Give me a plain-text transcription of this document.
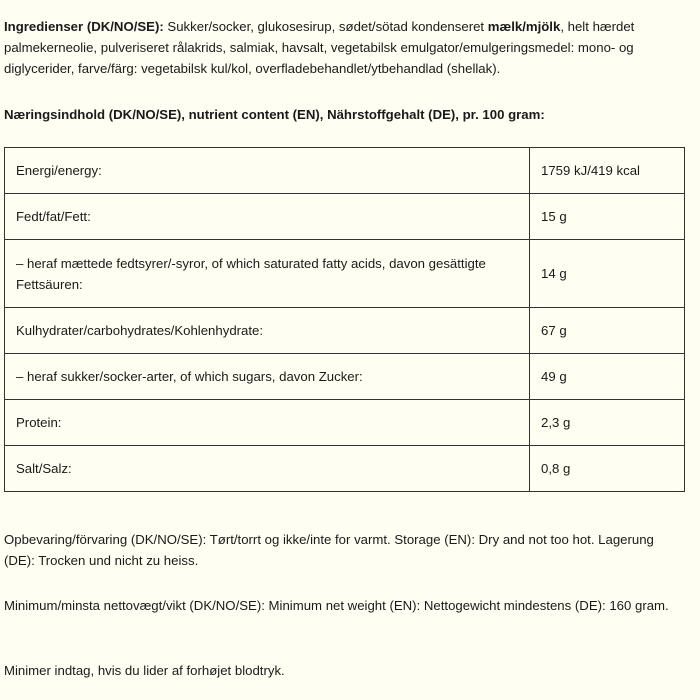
Ingredienser (DK/NO/SE): Sukker/socker, glukosesirup, sødet/sötad kondenseret mælk/mjölk, helt hærdet palmekerneolie, pulveriseret rålakrids, salmiak, havsalt, vegetabilsk emulgator/emulgeringsmedel: mono- og diglycerider, farve/färg: vegetabilsk kul/kol, overfladebehandlet/ytbehandlad (shellak).

Næringsindhold (DK/NO/SE), nutrient content (EN), Nährstoffgehalt (DE), pr. 100 gram:

Energi/energy:	1759 kJ/419 kcal
Fedt/fat/Fett:	15 g
– heraf mættede fedtsyrer/-syror, of which saturated fatty acids, davon gesättigte Fettsäuren:	14 g
Kulhydrater/carbohydrates/Kohlenhydrate:	67 g
– heraf sukker/socker-arter, of which sugars, davon Zucker:	49 g
Protein:	2,3 g
Salt/Salz:	0,8 g

Opbevaring/förvaring (DK/NO/SE): Tørt/torrt og ikke/inte for varmt. Storage (EN): Dry and not too hot. Lagerung (DE): Trocken und nicht zu heiss.

Minimum/minsta nettovægt/vikt (DK/NO/SE): Minimum net weight (EN): Nettogewicht mindestens (DE): 160 gram.

Minimer indtag, hvis du lider af forhøjet blodtryk.
